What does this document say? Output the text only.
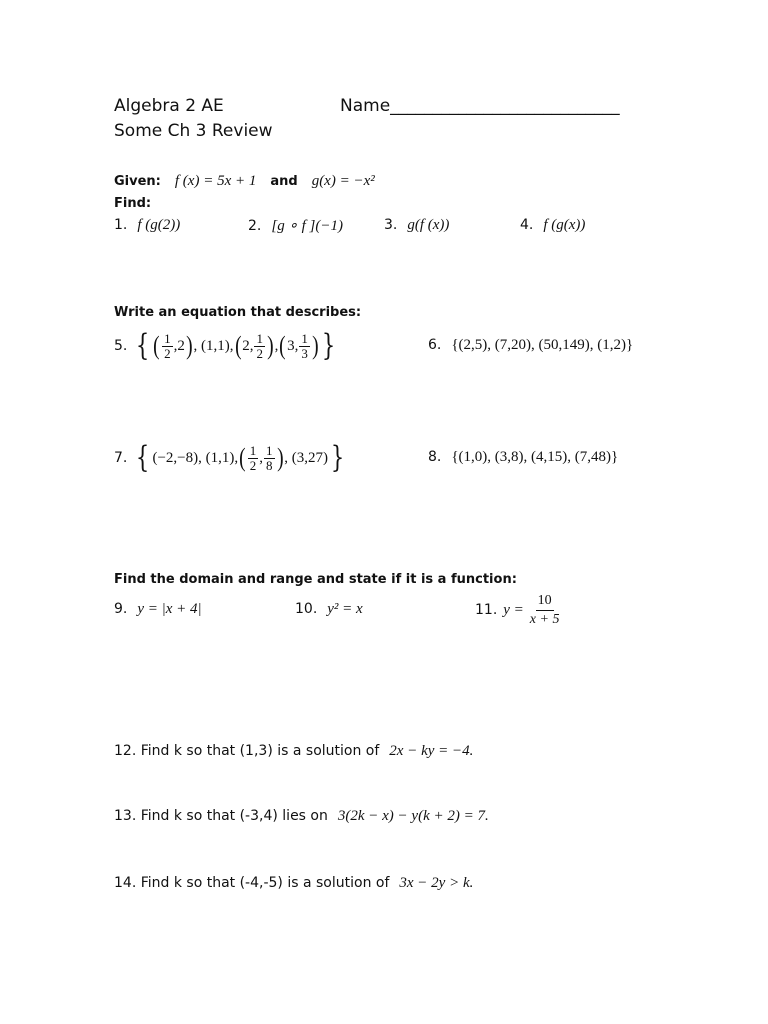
Algebra 2 AE	Name___________________________
Some Ch 3 Review
Given: f (x) = 5x + 1 and g(x) = −x²
Find:
1. f (g(2))	2. [g ∘ f ](−1)	3. g(f (x))	4. f (g(x))
Write an equation that describes:
5. { ( $\frac{1}{2} ,2$ ) , (1,1), ( 2, $\frac{1}{2}$ ) , ( 3, $\frac{1}{3}$ ) }	6. {(2,5), (7,20), (50,149), (1,2)}
7. { (−2,−8), (1,1), ( $\frac{1}{2}$ , $\frac{1}{8}$ ) , (3,27) }	8. {(1,0), (3,8), (4,15), (7,48)}
Find the domain and range and state if it is a function:
9. y = |x + 4|	10. y² = x	11. $y = \frac{10}{x + 5}$
12. Find k so that (1,3) is a solution of 2x − ky = −4.
13. Find k so that (-3,4) lies on 3(2k − x) − y(k + 2) = 7.
14. Find k so that (-4,-5) is a solution of 3x − 2y > k.
